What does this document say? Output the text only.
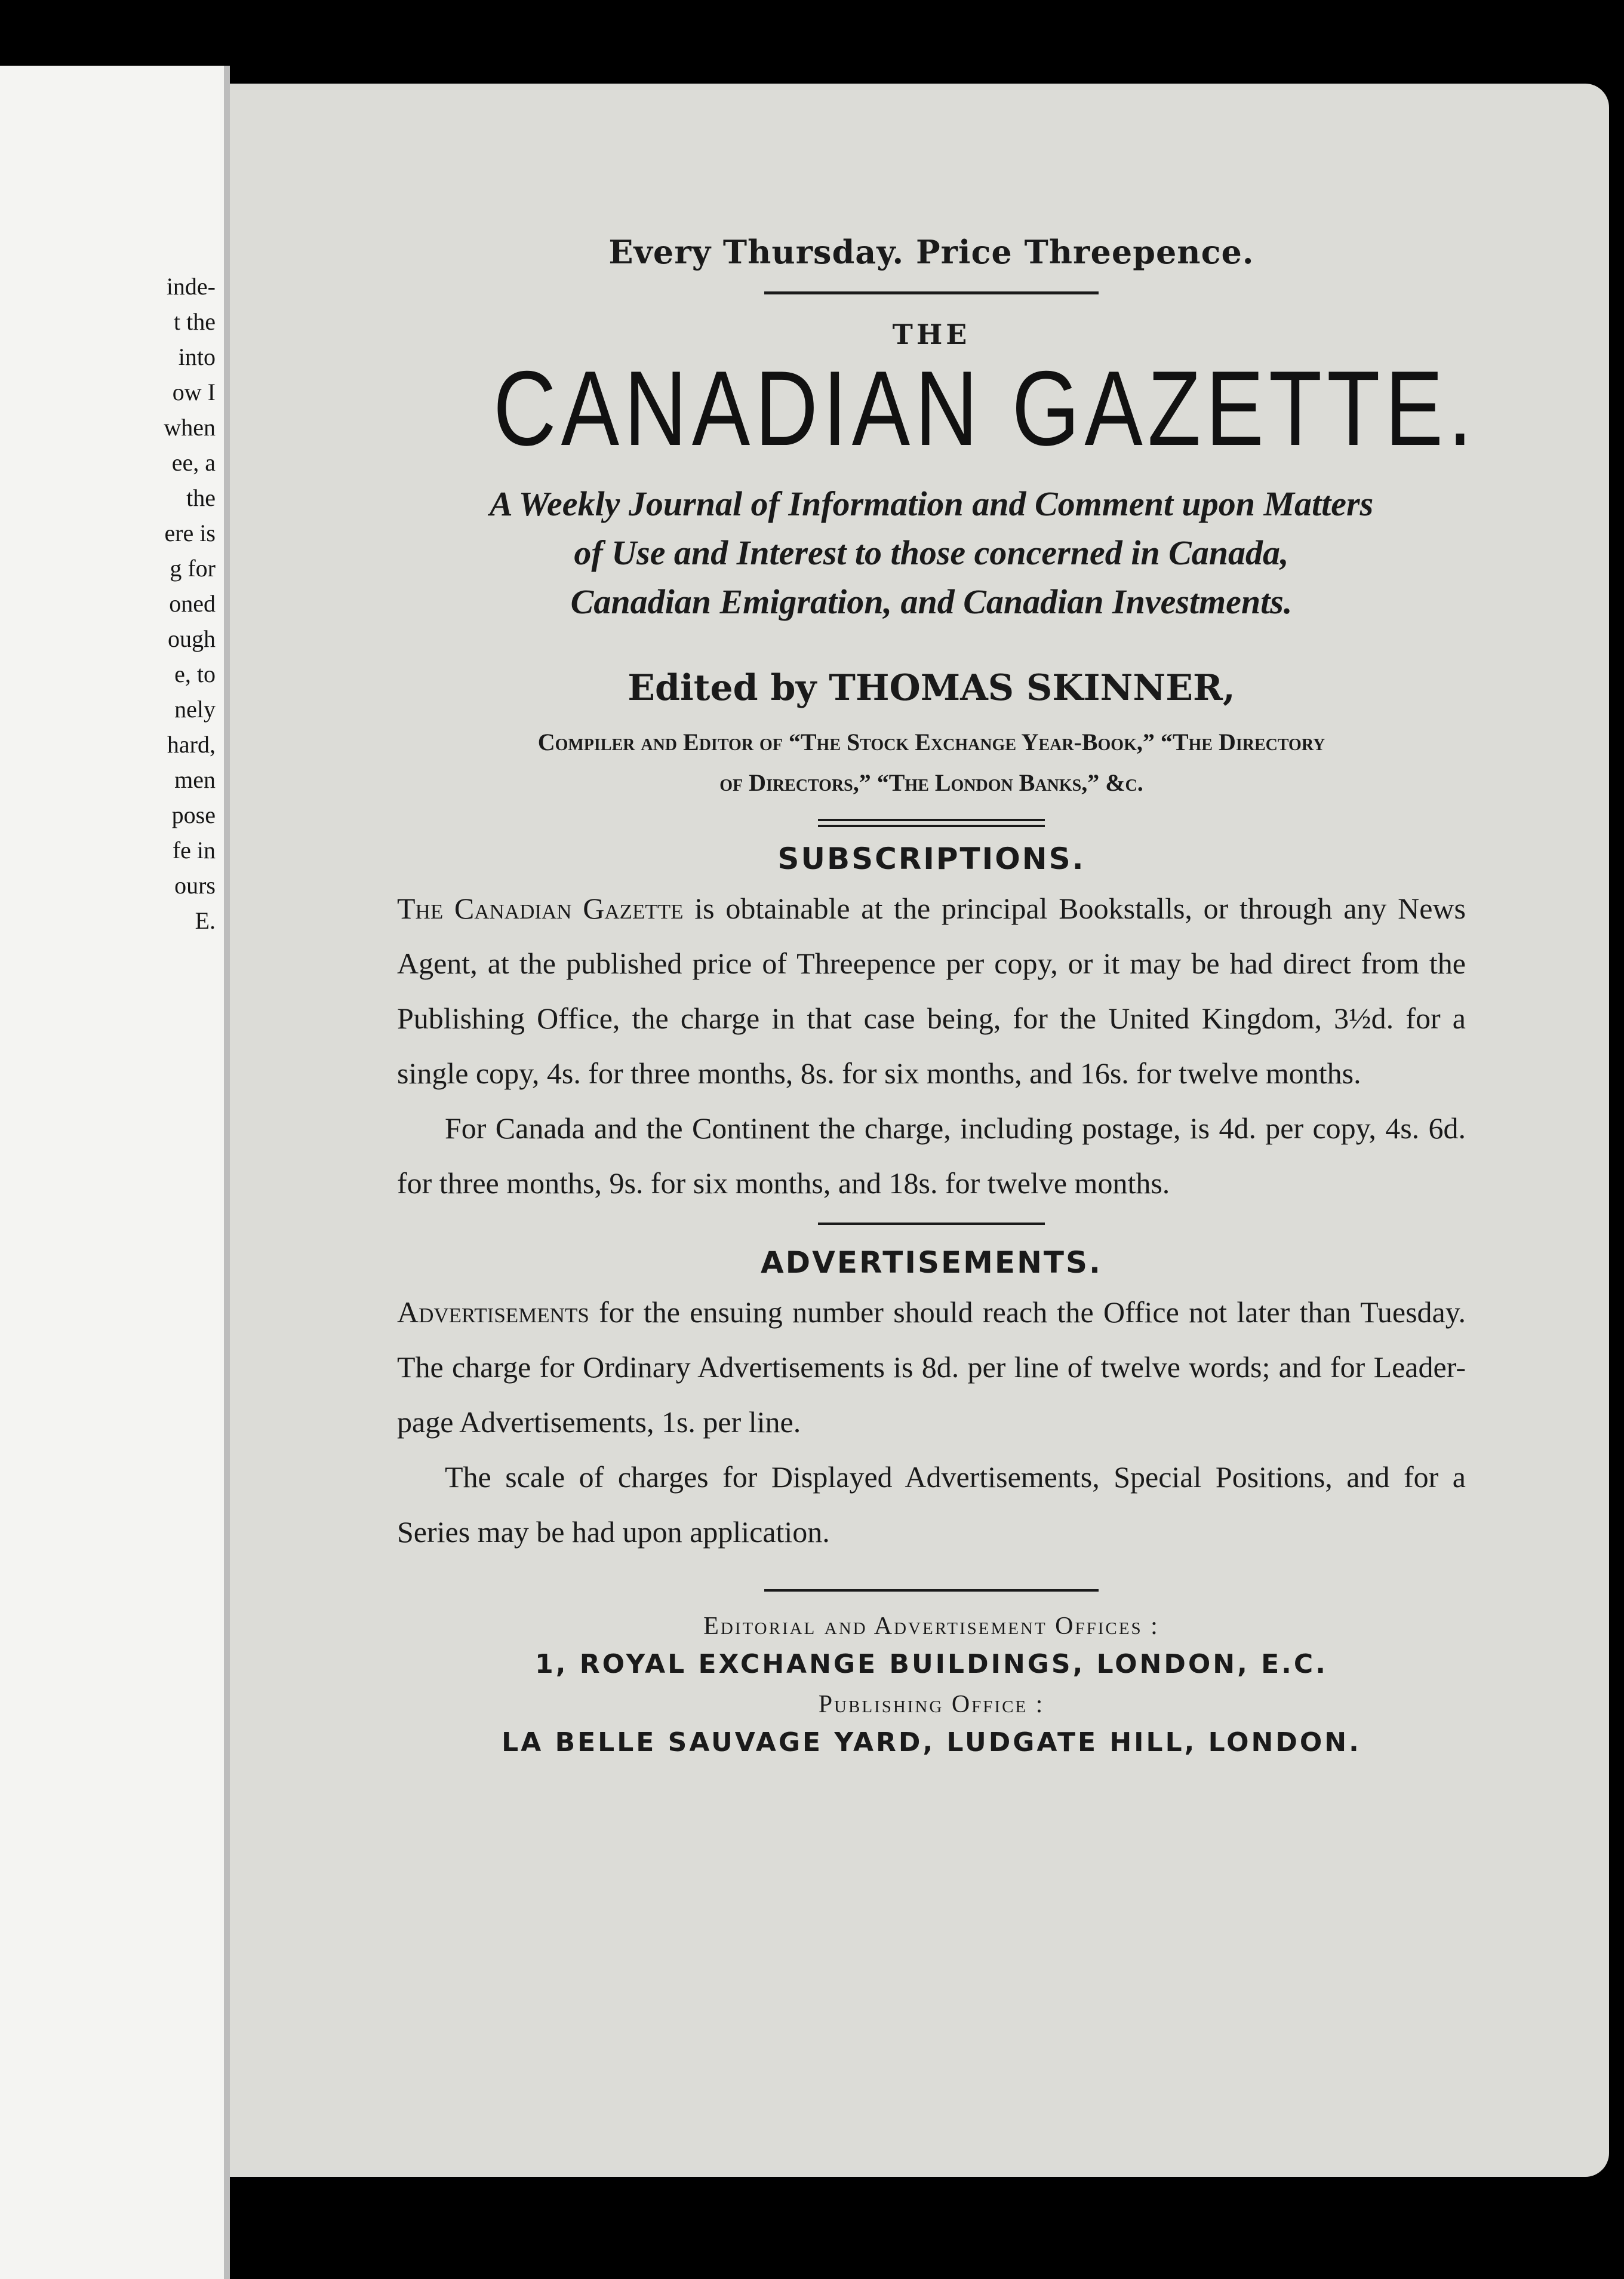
inde-
t the
into
ow I
when
ee, a
the
ere is
g for
oned
ough
e, to
nely
hard,
men
pose
fe in
ours
E.
Every Thursday. Price Threepence.
THE
CANADIAN GAZETTE.
A Weekly Journal of Information and Comment upon Matters
of Use and Interest to those concerned in Canada,
Canadian Emigration, and Canadian Investments.
Edited by THOMAS SKINNER,
Compiler and Editor of “The Stock Exchange Year-Book,” “The Directory
of Directors,” “The London Banks,” &c.
SUBSCRIPTIONS.

The Canadian Gazette is obtainable at the principal Bookstalls, or through any News Agent, at the published price of Threepence per copy, or it may be had direct from the Publishing Office, the charge in that case being, for the United Kingdom, 3½d. for a single copy, 4s. for three months, 8s. for six months, and 16s. for twelve months.

For Canada and the Continent the charge, including postage, is 4d. per copy, 4s. 6d. for three months, 9s. for six months, and 18s. for twelve months.

ADVERTISEMENTS.

Advertisements for the ensuing number should reach the Office not later than Tuesday. The charge for Ordinary Advertisements is 8d. per line of twelve words; and for Leader-page Advertisements, 1s. per line.

The scale of charges for Displayed Advertisements, Special Positions, and for a Series may be had upon application.

Editorial and Advertisement Offices :
1, ROYAL EXCHANGE BUILDINGS, LONDON, E.C.
Publishing Office :
LA BELLE SAUVAGE YARD, LUDGATE HILL, LONDON.
